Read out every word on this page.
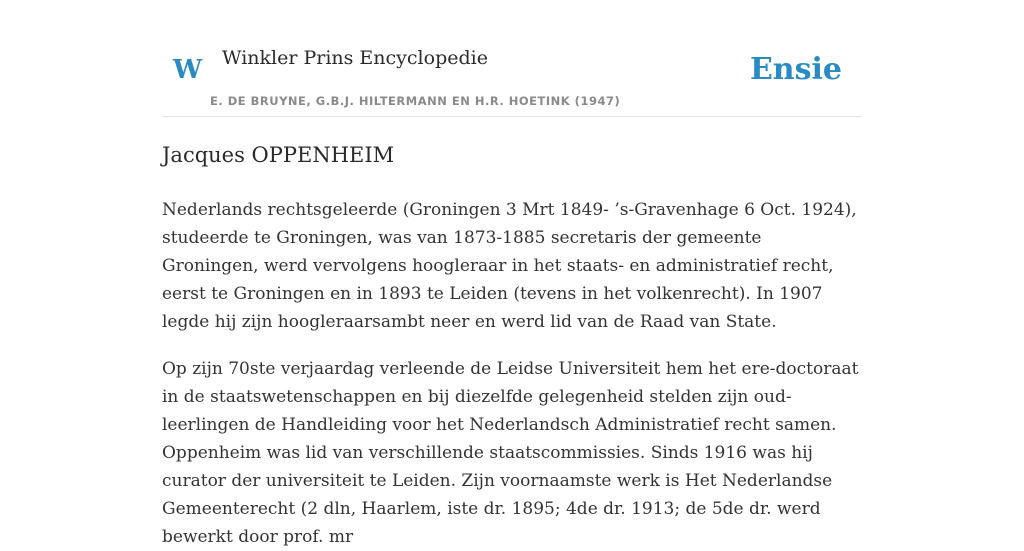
W Winkler Prins Encyclopedie
E. DE BRUYNE, G.B.J. HILTERMANN EN H.R. HOETINK (1947)
Ensie
Jacques OPPENHEIM

Nederlands rechtsgeleerde (Groningen 3 Mrt 1849- ’s-Gravenhage 6 Oct. 1924), studeerde te Groningen, was van 1873-1885 secretaris der gemeente Groningen, werd vervolgens hoogleraar in het staats- en administratief recht, eerst te Groningen en in 1893 te Leiden (tevens in het volkenrecht). In 1907 legde hij zijn hoogleraarsambt neer en werd lid van de Raad van State.

Op zijn 70ste verjaardag verleende de Leidse Universiteit hem het ere-doctoraat in de staatswetenschappen en bij diezelfde gelegenheid stelden zijn oud-leerlingen de Handleiding voor het Nederlandsch Administratief recht samen. Oppenheim was lid van verschillende staatscommissies. Sinds 1916 was hij curator der universiteit te Leiden. Zijn voornaamste werk is Het Nederlandse Gemeenterecht (2 dln, Haarlem, iste dr. 1895; 4de dr. 1913; de 5de dr. werd bewerkt door prof. mr
